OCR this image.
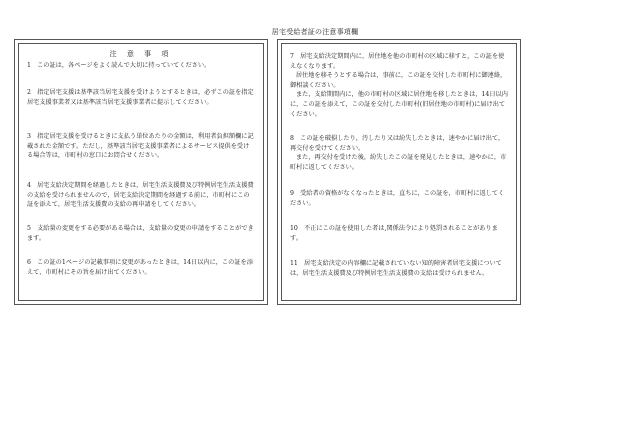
居宅受給者証の注意事項欄
注 意 事 項
1　この証は，各ページをよく読んで大切に持っていてください。
2　指定居宅支援は基準該当居宅支援を受けようとするときは，必ずこの証を指定居宅支援事業者又は基準該当居宅支援事業者に提示してください。
3　指定居宅支援を受けるときに支払う単位あたりの金額は，利用者負担額欄に記載された金額です。ただし，基準該当居宅支援事業者によるサービス提供を受ける場合等は，市町村の窓口にお問合せください。
4　居宅支給決定期間を経過したときは，居宅生活支援費及び特例居宅生活支援費の支給を受けられませんので，居宅支給決定期間を経過する前に，市町村にこの証を添えて，居宅生活支援費の支給の再申請をしてください。
5　支給量の変更をする必要がある場合は，支給量の変更の申請をすることができます。
6　この証の1ページの記載事項に変更があったときは，14日以内に，この証を添えて，市町村にその旨を届け出てください。
7　居宅支給決定期間内に，居住地を他の市町村の区域に移すと，この証を使えなくなります。
居住地を移そうとする場合は，事前に，この証を交付した市町村に御連絡，御相談ください。
また，支給期間内に，他の市町村の区域に居住地を移したときは，14日以内に，この証を添えて，この証を交付した市町村(旧居住地の市町村)に届け出てください。
8　この証を破損したり，汚したり又は紛失したときは，速やかに届け出て，再交付を受けてください。
また，再交付を受けた後，紛失したこの証を発見したときは，速やかに，市町村に返してください。
9　受給者の資格がなくなったときは，直ちに，この証を，市町村に返してください。
10　不正にこの証を使用した者は,関係法令により処罰されることがあります。
11　居宅支給決定の内容欄に記載されていない知的障害者居宅支援については，居宅生活支援費及び特例居宅生活支援費の支給は受けられません。
